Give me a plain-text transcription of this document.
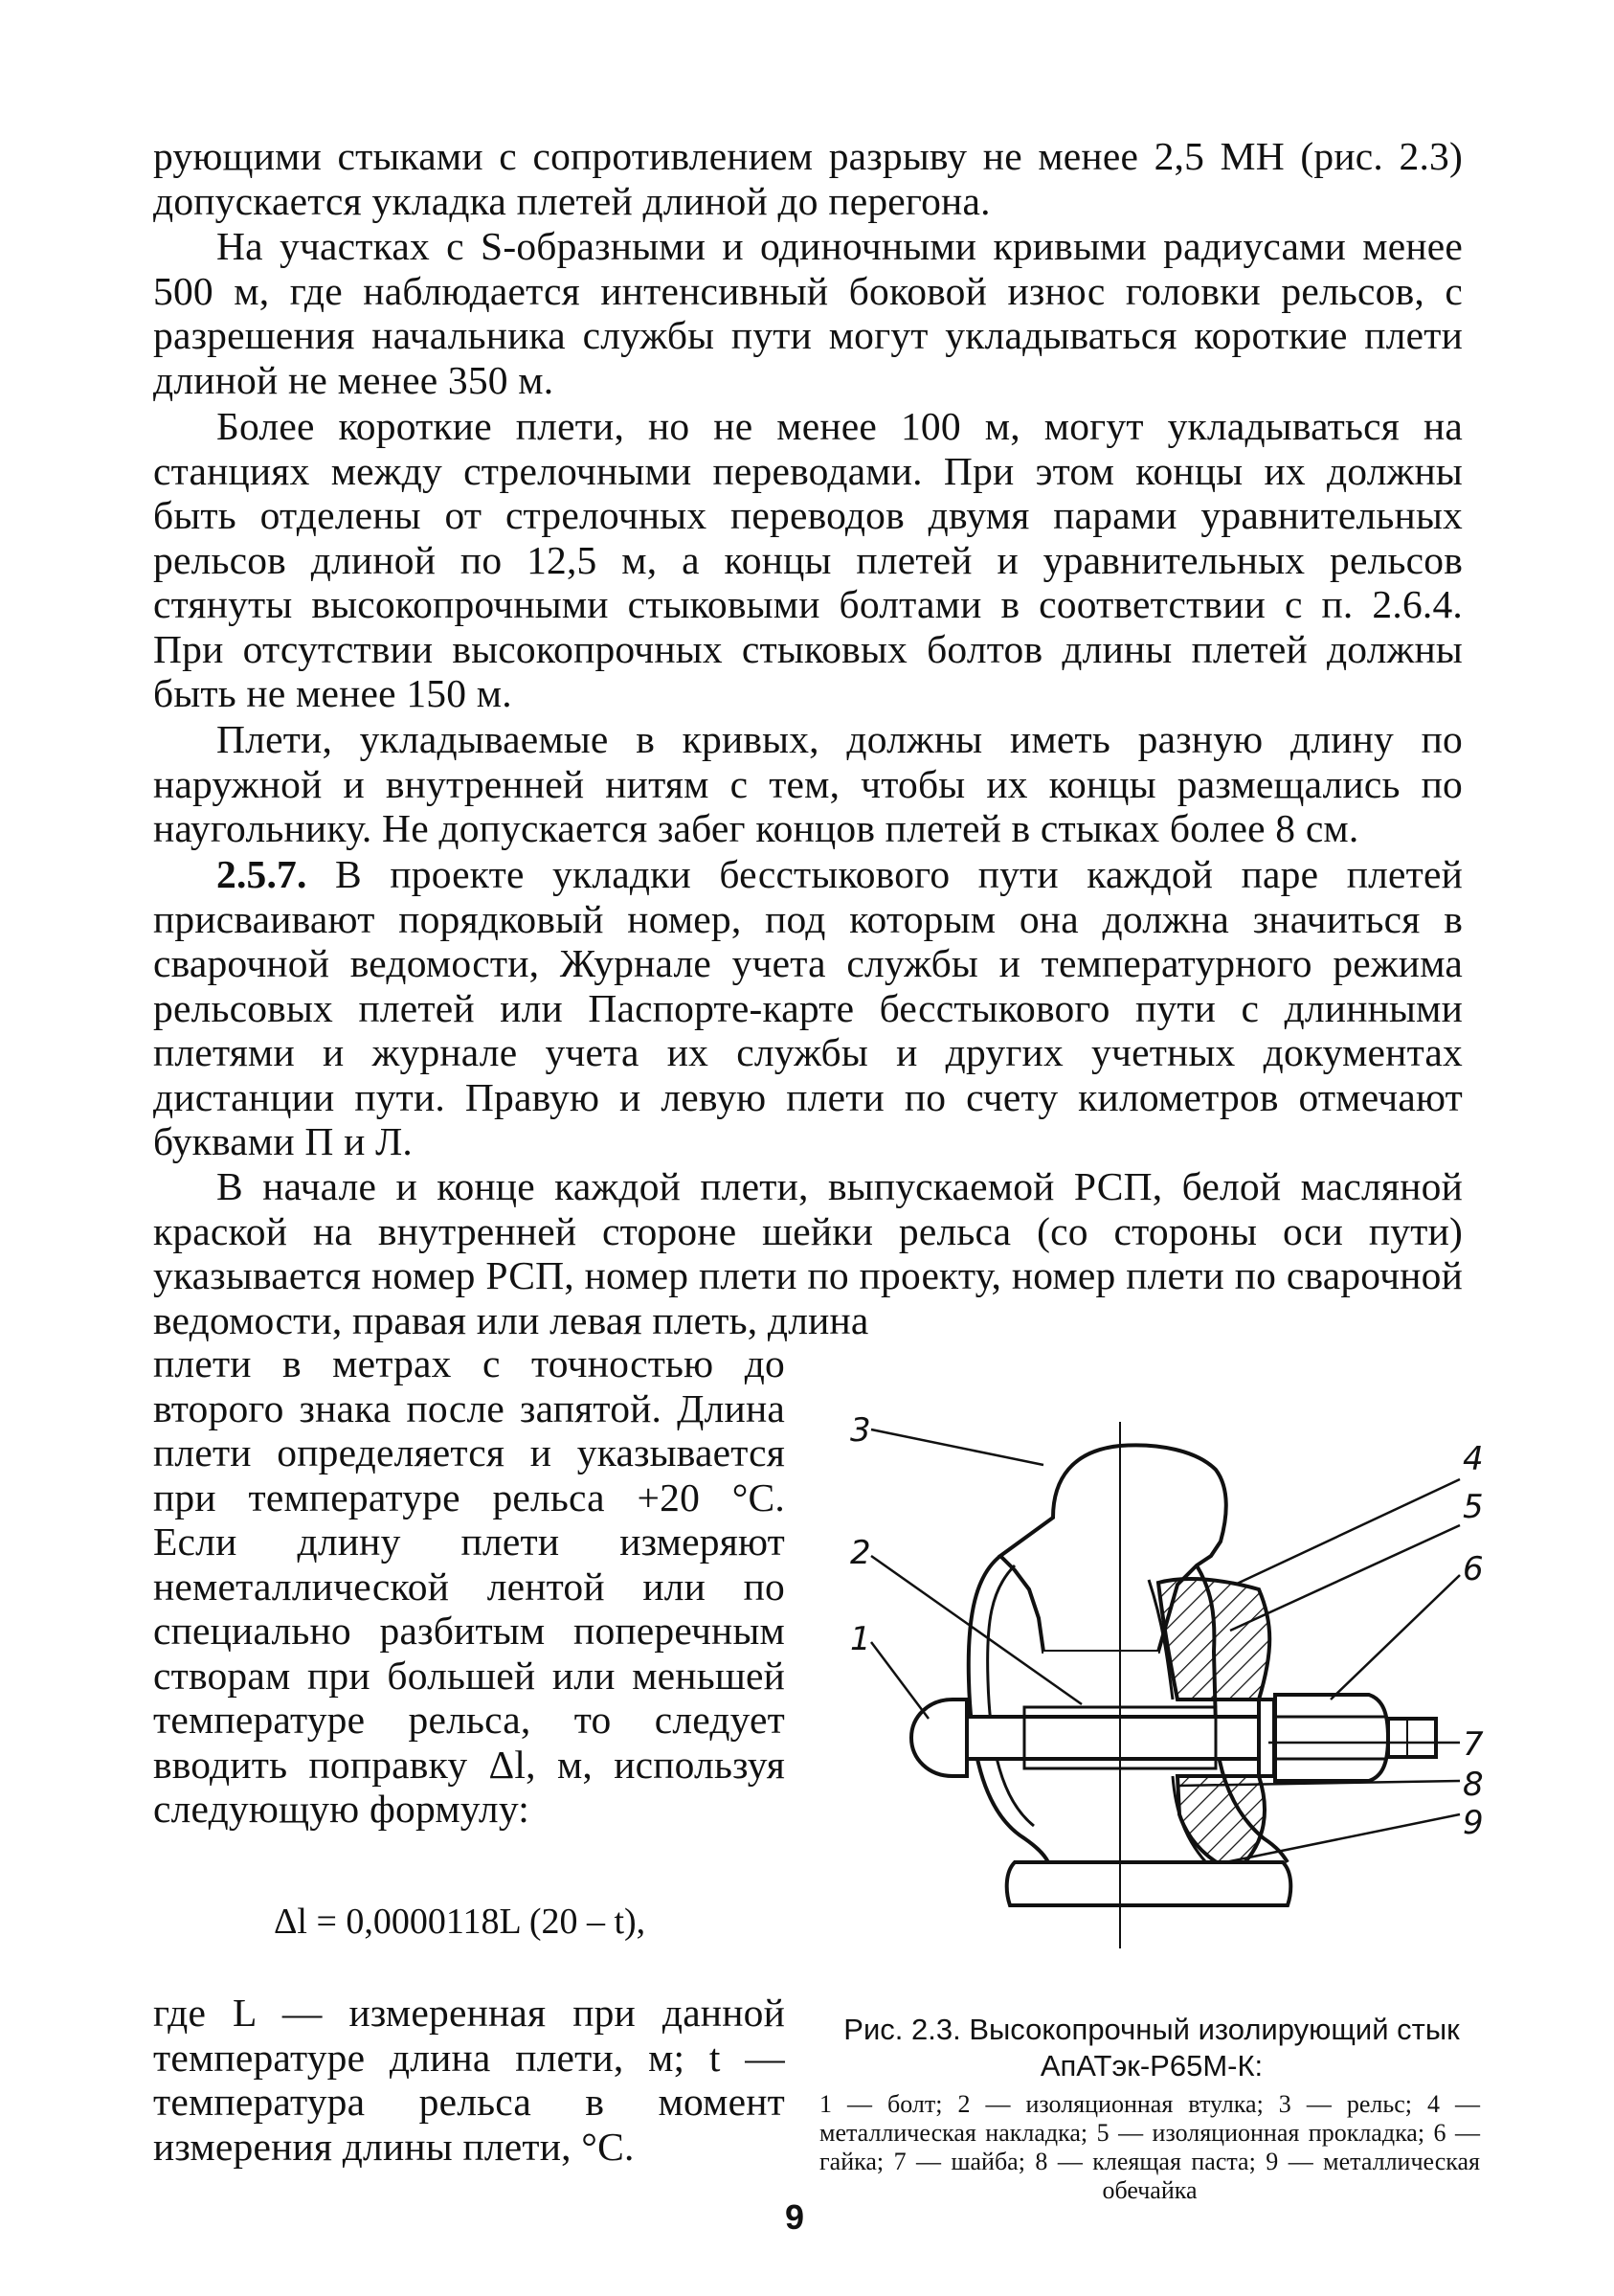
рующими стыками с сопротивлением разрыву не менее 2,5 МН (рис. 2.3) допускается укладка плетей длиной до перегона.
На участках с S-образными и одиночными кривыми радиусами менее 500 м, где наблюдается интенсивный боковой износ головки рельсов, с разрешения начальника службы пути могут укладываться короткие плети длиной не менее 350 м.
Более короткие плети, но не менее 100 м, могут укладываться на станциях между стрелочными переводами. При этом концы их должны быть отделены от стрелочных переводов двумя парами уравнительных рельсов длиной по 12,5 м, а концы плетей и уравнительных рельсов стянуты высокопрочными стыковыми болтами в соответствии с п. 2.6.4. При отсутствии высокопрочных стыковых болтов длины плетей должны быть не менее 150 м.
Плети, укладываемые в кривых, должны иметь разную длину по наружной и внутренней нитям с тем, чтобы их концы размещались по наугольнику. Не допускается забег концов плетей в стыках более 8 см.
2.5.7. В проекте укладки бесстыкового пути каждой паре плетей присваивают порядковый номер, под которым она должна значиться в сварочной ведомости, Журнале учета службы и температурного режима рельсовых плетей или Паспорте-карте бесстыкового пути с длинными плетями и журнале учета их службы и других учетных документах дистанции пути. Правую и левую плети по счету километров отмечают буквами П и Л.
В начале и конце каждой плети, выпускаемой РСП, белой масляной краской на внутренней стороне шейки рельса (со стороны оси пути) указывается номер РСП, номер плети по проекту, номер плети по сварочной ведомости, правая или левая плеть, длина
плети в метрах с точностью до второго знака после запятой. Длина плети определяется и указывается при температуре рельса +20 °С. Если длину плети измеряют неметаллической лентой или по специально разбитым поперечным створам при большей или меньшей температуре рельса, то следует вводить поправку Δl, м, используя следующую формулу:
Δl = 0,0000118L (20 – t),
где L — измеренная при данной температуре длина плети, м; t — температура рельса в момент измерения длины плети, °С.
3
2
1
4
5
6
7
8
9
Рис. 2.3. Высокопрочный изолирующий стык АпАТэк-Р65М-К:
1 — болт; 2 — изоляционная втулка; 3 — рельс; 4 — металлическая накладка; 5 — изоляционная прокладка; 6 — гайка; 7 — шайба; 8 — клеящая паста; 9 — металлическая обечайка
9
